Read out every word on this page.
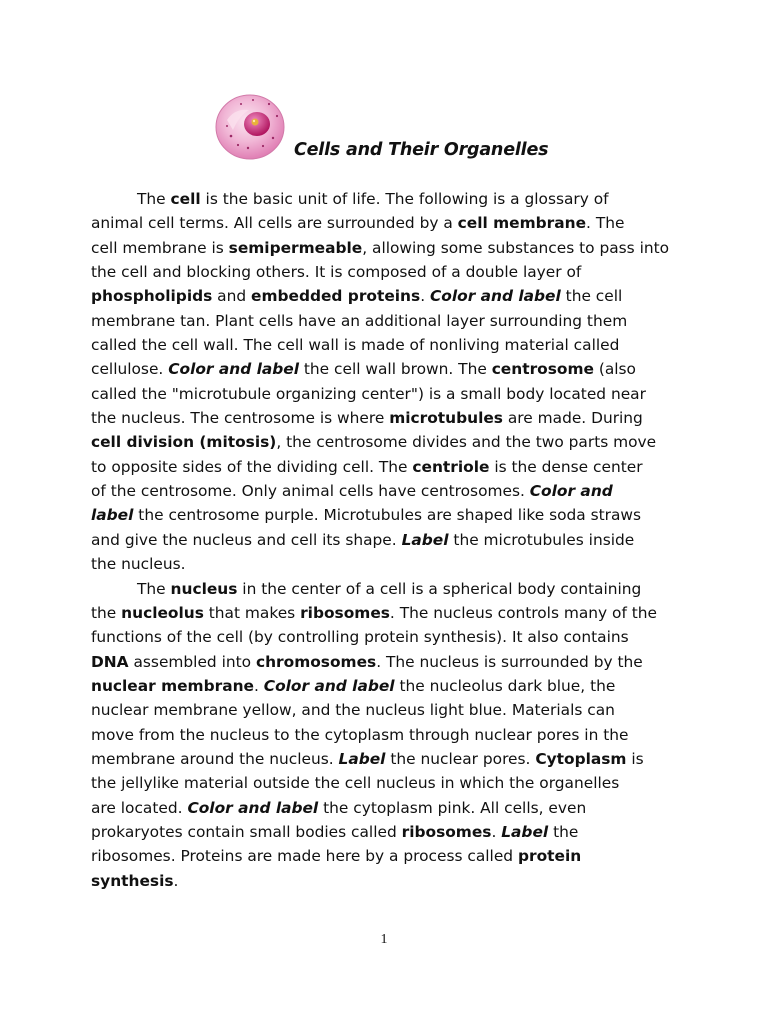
Cells and Their Organelles
The cell is the basic unit of life. The following is a glossary of
animal cell terms. All cells are surrounded by a cell membrane. The
cell membrane is semipermeable, allowing some substances to pass into
the cell and blocking others. It is composed of a double layer of
phospholipids and embedded proteins. Color and label the cell
membrane tan. Plant cells have an additional layer surrounding them
called the cell wall. The cell wall is made of nonliving material called
cellulose. Color and label the cell wall brown. The centrosome (also
called the "microtubule organizing center") is a small body located near
the nucleus. The centrosome is where microtubules are made. During
cell division (mitosis), the centrosome divides and the two parts move
to opposite sides of the dividing cell. The centriole is the dense center
of the centrosome. Only animal cells have centrosomes. Color and
label the centrosome purple. Microtubules are shaped like soda straws
and give the nucleus and cell its shape. Label the microtubules inside
the nucleus.
The nucleus in the center of a cell is a spherical body containing
the nucleolus that makes ribosomes. The nucleus controls many of the
functions of the cell (by controlling protein synthesis). It also contains
DNA assembled into chromosomes. The nucleus is surrounded by the
nuclear membrane. Color and label the nucleolus dark blue, the
nuclear membrane yellow, and the nucleus light blue. Materials can
move from the nucleus to the cytoplasm through nuclear pores in the
membrane around the nucleus. Label the nuclear pores. Cytoplasm is
the jellylike material outside the cell nucleus in which the organelles
are located. Color and label the cytoplasm pink. All cells, even
prokaryotes contain small bodies called ribosomes. Label the
ribosomes. Proteins are made here by a process called protein
synthesis.
1
